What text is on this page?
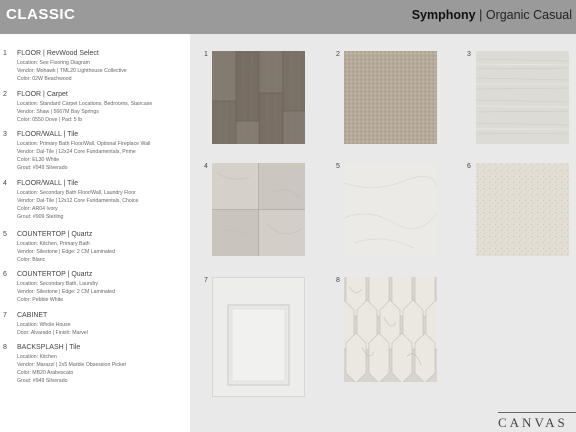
CLASSIC	Symphony | Organic Casual
1 FLOOR | RevWood Select
Location: See Flooring Diagram
Vendor: Mohawk | TML20 Lighthouse Collective
Color: 02W Beachwood
2 FLOOR | Carpet
Location: Standard Carpet Locations, Bedrooms, Staircase
Vendor: Shaw | 5667M Bay Springs
Color: 0550 Dove | Pad: 5 lb
3 FLOOR/WALL | Tile
Location: Primary Bath Floor/Wall, Optional Fireplace Wall
Vendor: Dal-Tile | 12x24 Core Fundamentals, Prime
Color: EL30 White
Grout: #949 Silverado
4 FLOOR/WALL | Tile
Location: Secondary Bath Floor/Wall, Laundry Floor
Vendor: Dal-Tile | 12x12 Core Fundamentals, Choice
Color: AR04 Ivory
Grout: #909 Sterling
5 COUNTERTOP | Quartz
Location: Kitchen, Primary Bath
Vendor: Silestone | Edge: 2 CM Laminated
Color: Blanc
6 COUNTERTOP | Quartz
Location: Secondary Bath, Laundry
Vendor: Silestone | Edge: 2 CM Laminated
Color: Pebble White
7 CABINET
Location: Whole House
Door: Alvarado | Finish: Marvel
8 BACKSPLASH | Tile
Location: Kitchen
Vendor: Marazzi | 2x5 Marble Obsession Picket
Color: MB20 Arabescato
Grout: #949 Silverado
1	2	3
4	5	6
7	8
CANVAS
